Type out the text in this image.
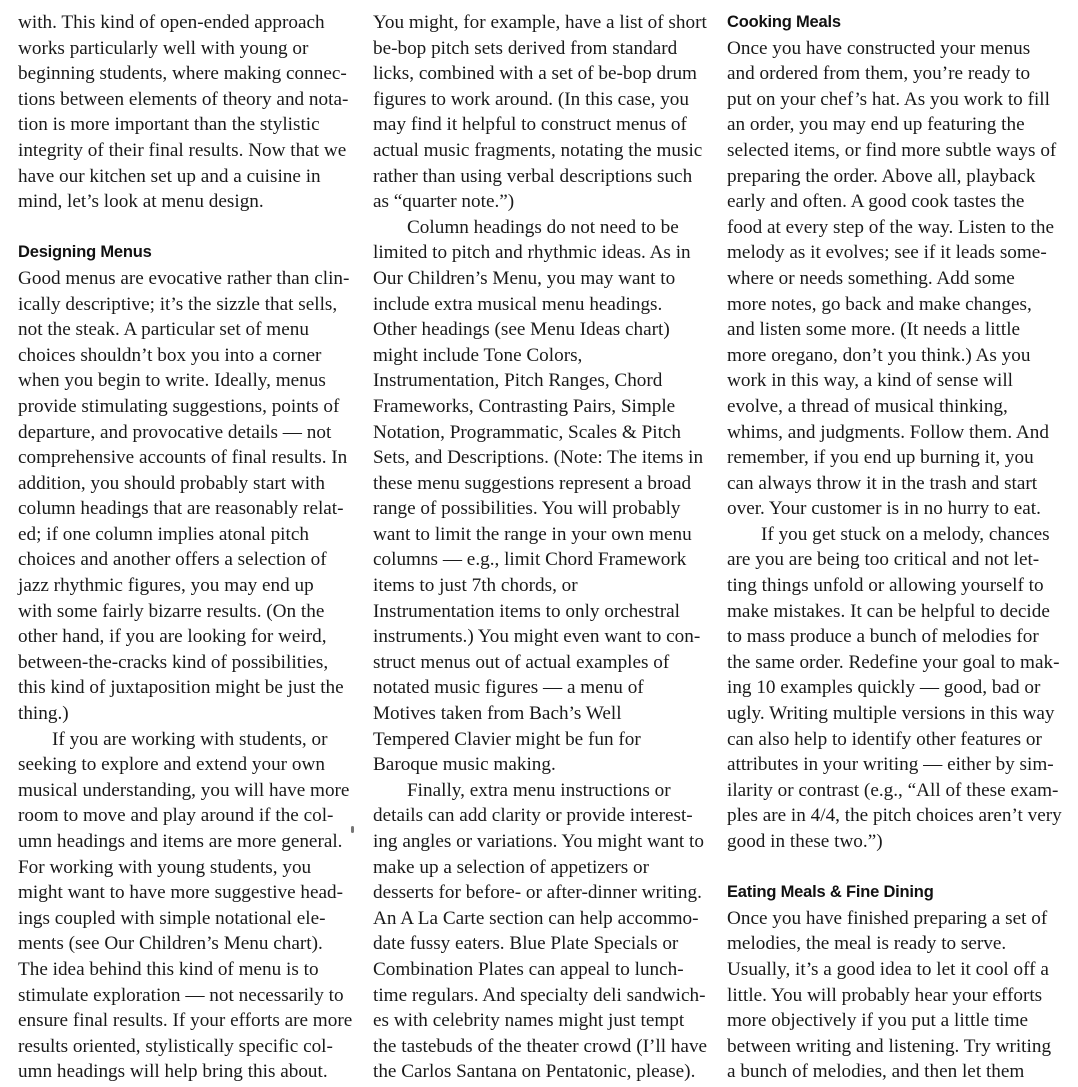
with. This kind of open-ended approach
works particularly well with young or
beginning students, where making connec-
tions between elements of theory and nota-
tion is more important than the stylistic
integrity of their final results. Now that we
have our kitchen set up and a cuisine in
mind, let’s look at menu design.
Designing Menus
Good menus are evocative rather than clin-
ically descriptive; it’s the sizzle that sells,
not the steak. A particular set of menu
choices shouldn’t box you into a corner
when you begin to write. Ideally, menus
provide stimulating suggestions, points of
departure, and provocative details — not
comprehensive accounts of final results. In
addition, you should probably start with
column headings that are reasonably relat-
ed; if one column implies atonal pitch
choices and another offers a selection of
jazz rhythmic figures, you may end up
with some fairly bizarre results. (On the
other hand, if you are looking for weird,
between-the-cracks kind of possibilities,
this kind of juxtaposition might be just the
thing.)
If you are working with students, or
seeking to explore and extend your own
musical understanding, you will have more
room to move and play around if the col-
umn headings and items are more general.
For working with young students, you
might want to have more suggestive head-
ings coupled with simple notational ele-
ments (see Our Children’s Menu chart).
The idea behind this kind of menu is to
stimulate exploration — not necessarily to
ensure final results. If your efforts are more
results oriented, stylistically specific col-
umn headings will help bring this about.
You might, for example, have a list of short
be-bop pitch sets derived from standard
licks, combined with a set of be-bop drum
figures to work around. (In this case, you
may find it helpful to construct menus of
actual music fragments, notating the music
rather than using verbal descriptions such
as “quarter note.”)
Column headings do not need to be
limited to pitch and rhythmic ideas. As in
Our Children’s Menu, you may want to
include extra musical menu headings.
Other headings (see Menu Ideas chart)
might include Tone Colors,
Instrumentation, Pitch Ranges, Chord
Frameworks, Contrasting Pairs, Simple
Notation, Programmatic, Scales & Pitch
Sets, and Descriptions. (Note: The items in
these menu suggestions represent a broad
range of possibilities. You will probably
want to limit the range in your own menu
columns — e.g., limit Chord Framework
items to just 7th chords, or
Instrumentation items to only orchestral
instruments.) You might even want to con-
struct menus out of actual examples of
notated music figures — a menu of
Motives taken from Bach’s Well
Tempered Clavier might be fun for
Baroque music making.
Finally, extra menu instructions or
details can add clarity or provide interest-
ing angles or variations. You might want to
make up a selection of appetizers or
desserts for before- or after-dinner writing.
An A La Carte section can help accommo-
date fussy eaters. Blue Plate Specials or
Combination Plates can appeal to lunch-
time regulars. And specialty deli sandwich-
es with celebrity names might just tempt
the tastebuds of the theater crowd (I’ll have
the Carlos Santana on Pentatonic, please).
Cooking Meals
Once you have constructed your menus
and ordered from them, you’re ready to
put on your chef’s hat. As you work to fill
an order, you may end up featuring the
selected items, or find more subtle ways of
preparing the order. Above all, playback
early and often. A good cook tastes the
food at every step of the way. Listen to the
melody as it evolves; see if it leads some-
where or needs something. Add some
more notes, go back and make changes,
and listen some more. (It needs a little
more oregano, don’t you think.) As you
work in this way, a kind of sense will
evolve, a thread of musical thinking,
whims, and judgments. Follow them. And
remember, if you end up burning it, you
can always throw it in the trash and start
over. Your customer is in no hurry to eat.
If you get stuck on a melody, chances
are you are being too critical and not let-
ting things unfold or allowing yourself to
make mistakes. It can be helpful to decide
to mass produce a bunch of melodies for
the same order. Redefine your goal to mak-
ing 10 examples quickly — good, bad or
ugly. Writing multiple versions in this way
can also help to identify other features or
attributes in your writing — either by sim-
ilarity or contrast (e.g., “All of these exam-
ples are in 4/4, the pitch choices aren’t very
good in these two.”)
Eating Meals & Fine Dining
Once you have finished preparing a set of
melodies, the meal is ready to serve.
Usually, it’s a good idea to let it cool off a
little. You will probably hear your efforts
more objectively if you put a little time
between writing and listening. Try writing
a bunch of melodies, and then let them
